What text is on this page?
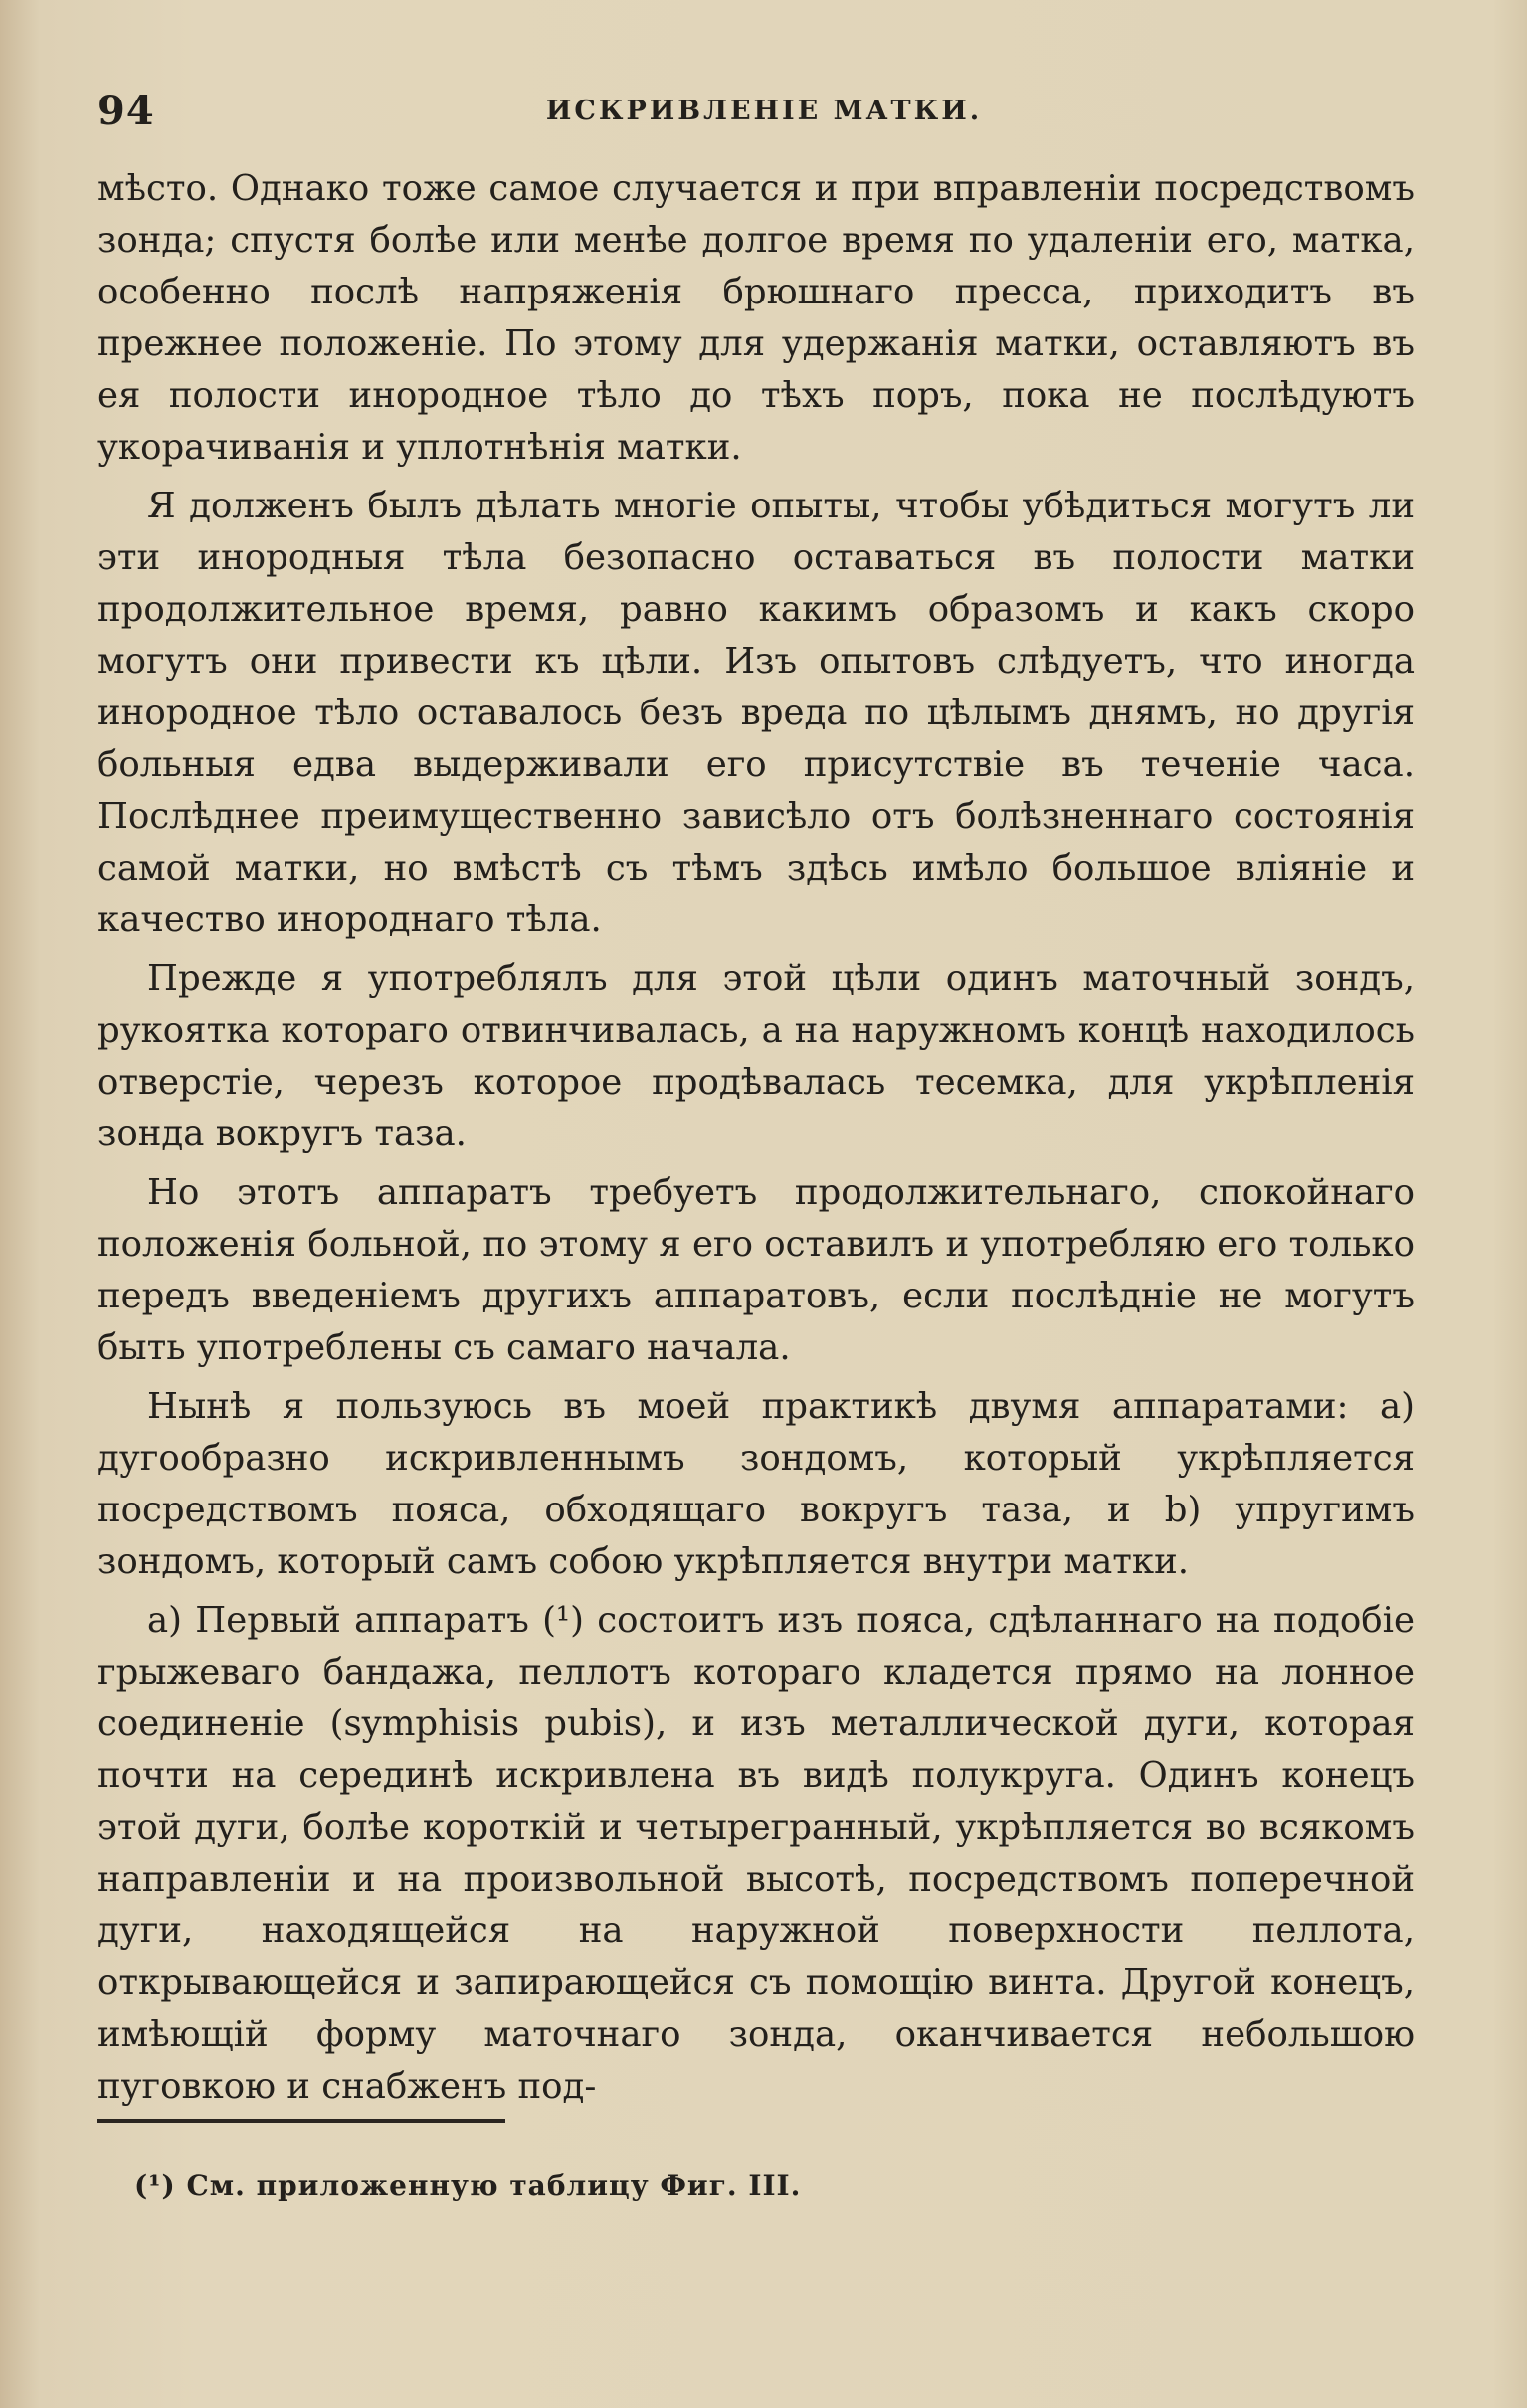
94	ИСКРИВЛЕНІЕ МАТКИ.

мѣсто. Однако тоже самое случается и при вправленіи посредствомъ зонда; спустя болѣе или менѣе долгое время по удаленіи его, матка, особенно послѣ напряженія брюшнаго пресса, приходитъ въ прежнее положеніе. По этому для удержанія матки, оставляютъ въ ея полости инородное тѣло до тѣхъ поръ, пока не послѣдуютъ укорачиванія и уплотнѣнія матки.

Я долженъ былъ дѣлать многіе опыты, чтобы убѣдиться могутъ ли эти инородныя тѣла безопасно оставаться въ полости матки продолжительное время, равно какимъ образомъ и какъ скоро могутъ они привести къ цѣли. Изъ опытовъ слѣдуетъ, что иногда инородное тѣло оставалось безъ вреда по цѣлымъ днямъ, но другія больныя едва выдерживали его присутствіе въ теченіе часа. Послѣднее преимущественно зависѣло отъ болѣзненнаго состоянія самой матки, но вмѣстѣ съ тѣмъ здѣсь имѣло большое вліяніе и качество инороднаго тѣла.

Прежде я употреблялъ для этой цѣли одинъ маточный зондъ, рукоятка котораго отвинчивалась, а на наружномъ концѣ находилось отверстіе, черезъ которое продѣвалась тесемка, для укрѣпленія зонда вокругъ таза.

Но этотъ аппаратъ требуетъ продолжительнаго, спокойнаго положенія больной, по этому я его оставилъ и употребляю его только передъ введеніемъ другихъ аппаратовъ, если послѣдніе не могутъ быть употреблены съ самаго начала.

Нынѣ я пользуюсь въ моей практикѣ двумя аппаратами: a) дугообразно искривленнымъ зондомъ, который укрѣпляется посредствомъ пояса, обходящаго вокругъ таза, и b) упругимъ зондомъ, который самъ собою укрѣпляется внутри матки.

a) Первый аппаратъ (¹) состоитъ изъ пояса, сдѣланнаго на подобіе грыжеваго бандажа, пеллотъ котораго кладется прямо на лонное соединеніе (symphisis pubis), и изъ металлической дуги, которая почти на серединѣ искривлена въ видѣ полукруга. Одинъ конецъ этой дуги, болѣе короткій и четырегранный, укрѣпляется во всякомъ направленіи и на произвольной высотѣ, посредствомъ поперечной дуги, находящейся на наружной поверхности пеллота, открывающейся и запирающейся съ помощію винта. Другой конецъ, имѣющій форму маточнаго зонда, оканчивается небольшою пуговкою и снабженъ под-

(¹) См. приложенную таблицу Фиг. III.
